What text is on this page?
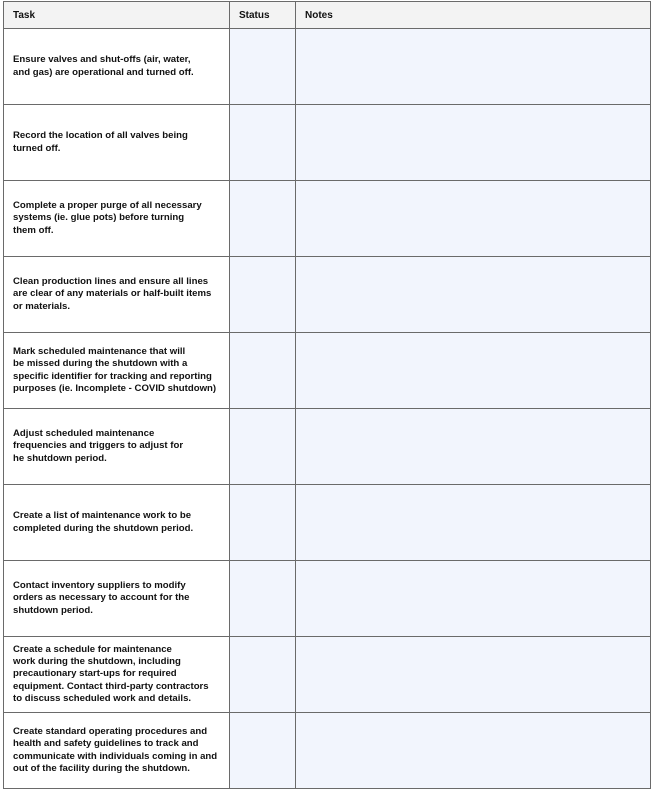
Task	Status	Notes

Ensure valves and shut-offs (air, water,
and gas) are operational and turned off.		

Record the location of all valves being
turned off.		

Complete a proper purge of all necessary
systems (ie. glue pots) before turning
them off.		

Clean production lines and ensure all lines
are clear of any materials or half-built items
or materials.		

Mark scheduled maintenance that will
be missed during the shutdown with a
specific identifier for tracking and reporting
purposes (ie. Incomplete - COVID shutdown)		

Adjust scheduled maintenance
frequencies and triggers to adjust for
he shutdown period.		

Create a list of maintenance work to be
completed during the shutdown period.		

Contact inventory suppliers to modify
orders as necessary to account for the
shutdown period.		

Create a schedule for maintenance
work during the shutdown, including
precautionary start-ups for required
equipment. Contact third-party contractors
to discuss scheduled work and details.		

Create standard operating procedures and
health and safety guidelines to track and
communicate with individuals coming in and
out of the facility during the shutdown.		
